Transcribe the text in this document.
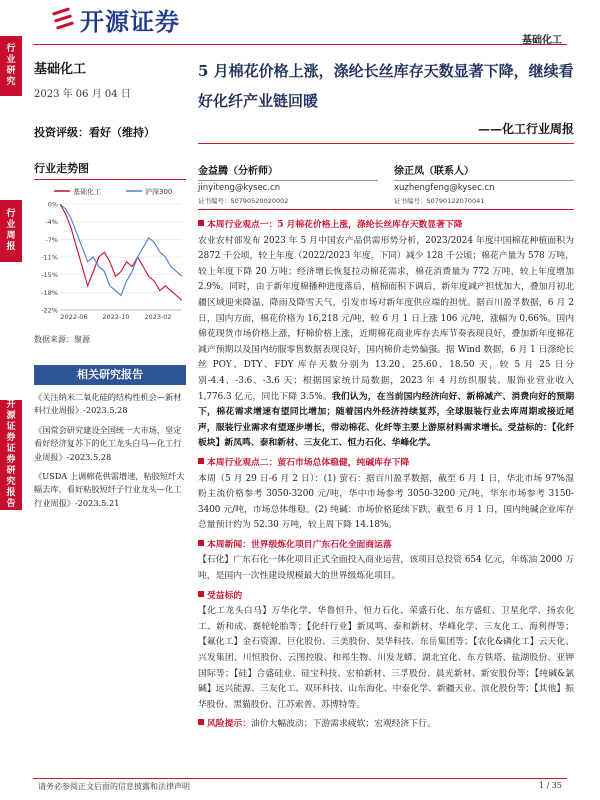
开源证券
基础化工
行业研究
行业周报
开源证券 证券研究报告
基础化工
2023 年 06 月 04 日
投资评级：看好（维持）
行业走势图
基础化工	沪深300
0%
-4%
-7%
-11%
-15%
-18%
-22%
2022-06 2022-10 2023-02
数据来源：聚源
相关研究报告
《关注纳米二氧化硅的结构性机会—新材料行业周报》-2023.5.28
《国常会研究建设全国统一大市场，坚定看好经济复苏下的化工龙头白马—化工行业周报》-2023.5.28
《USDA 上调棉花供需增速，粘胶短纤大幅去库，看好粘胶短纤子行业龙头—化工行业周报》-2023.5.21
5 月棉花价格上涨，涤纶长丝库存天数显著下降，继续看好化纤产业链回暖
——化工行业周报
金益腾（分析师）
jinyiteng@kysec.cn
证书编号：S0790520020002
徐正凤（联系人）
xuzhengfeng@kysec.cn
证书编号：S0790122070041
本周行业观点一：5 月棉花价格上涨，涤纶长丝库存天数显著下降
农业农村部发布 2023 年 5 月中国农产品供需形势分析，2023/2024 年度中国棉花种植面积为 2872 千公顷，较上年度（2022/2023 年度，下同）减少 128 千公顷；棉花产量为 578 万吨，较上年度下降 20 万吨；经济增长恢复拉动棉花需求，棉花消费量为 772 万吨，较上年度增加 2.9%。同时，由于新年度棉播种进度落后，植棉面积下调后，新年度减产担忧加大，叠加月初北疆区域迎来降温、降雨及降雪天气，引发市场对新年度供应端的担忧。据百川盈孚数据，6 月 2 日，国内方面，棉花价格为 16,218 元/吨，较 6 月 1 日上涨 106 元/吨，涨幅为 0.66%。国内棉花现货市场价格上涨，籽棉价格上涨，近期棉花商业库存去库节奏表现良好，叠加新年度棉花减产预期以及国内纺服零售数据表现良好，国内棉价走势偏强。据 Wind 数据，6 月 1 日涤纶长丝 POY、DTY、FDY 库存天数分别为 13.20、25.60、18.50 天，较 5 月 25 日分别-4.4、-3.6、-3.6 天；根据国家统计局数据，2023 年 4 月纺织服装、服饰业营业收入 1,776.3 亿元，同比下降 3.5%。我们认为，在当前国内经济向好、新棉减产、消费向好的预期下，棉花需求增速有望同比增加；随着国内外经济持续复苏，全球服装行业去库周期或接近尾声，服装行业需求有望逐步增长，带动棉花、化纤等主要上游原材料需求增长。受益标的：【化纤板块】新凤鸣、泰和新材、三友化工、恒力石化、华峰化学。
本周行业观点二：萤石市场总体稳健，纯碱库存下降
本周（5 月 29 日-6 月 2 日）：(1) 萤石：据百川盈孚数据，截至 6 月 1 日，华北市场 97%湿粉主流价格参考 3050-3200 元/吨，华中市场参考 3050-3200 元/吨，华东市场参考 3150-3400 元/吨，市场总体维稳。(2) 纯碱：市场价格延续下跌，截至 6 月 1 日，国内纯碱企业库存总量预计约为 52.30 万吨，较上周下降 14.18%。
本周新闻：世界级炼化项目广东石化全面商运落
【石化】广东石化一体化项目正式全面投入商业运营，该项目总投资 654 亿元，年炼油 2000 万吨，是国内一次性建设规模最大的世界级炼化项目。
受益标的
【化工龙头白马】万华化学、华鲁恒升、恒力石化、荣盛石化、东方盛虹、卫星化学、扬农化工、新和成、赛轮轮胎等；【化纤行业】新凤鸣、泰和新材、华峰化学、三友化工、海利得等；【氟化工】金石资源、巨化股份、三美股份、昊华科技、东岳集团等；【农化&磷化工】云天化、兴发集团、川恒股份、云图控股、和邦生物、川发龙蟒、湖北宜化、东方铁塔、盐湖股份、亚钾国际等；【硅】合盛硅业、硅宝科技、宏柏新材、三孚股份、晨光新材、新安股份等；【纯碱&氯碱】远兴能源、三友化工、双环科技、山东海化、中泰化学、新疆天业、滨化股份等；【其他】振华股份、黑猫股份、江苏索普、苏博特等。
风险提示：油价大幅波动；下游需求疲软；宏观经济下行。
请务必参阅正文后面的信息披露和法律声明	1 / 35
